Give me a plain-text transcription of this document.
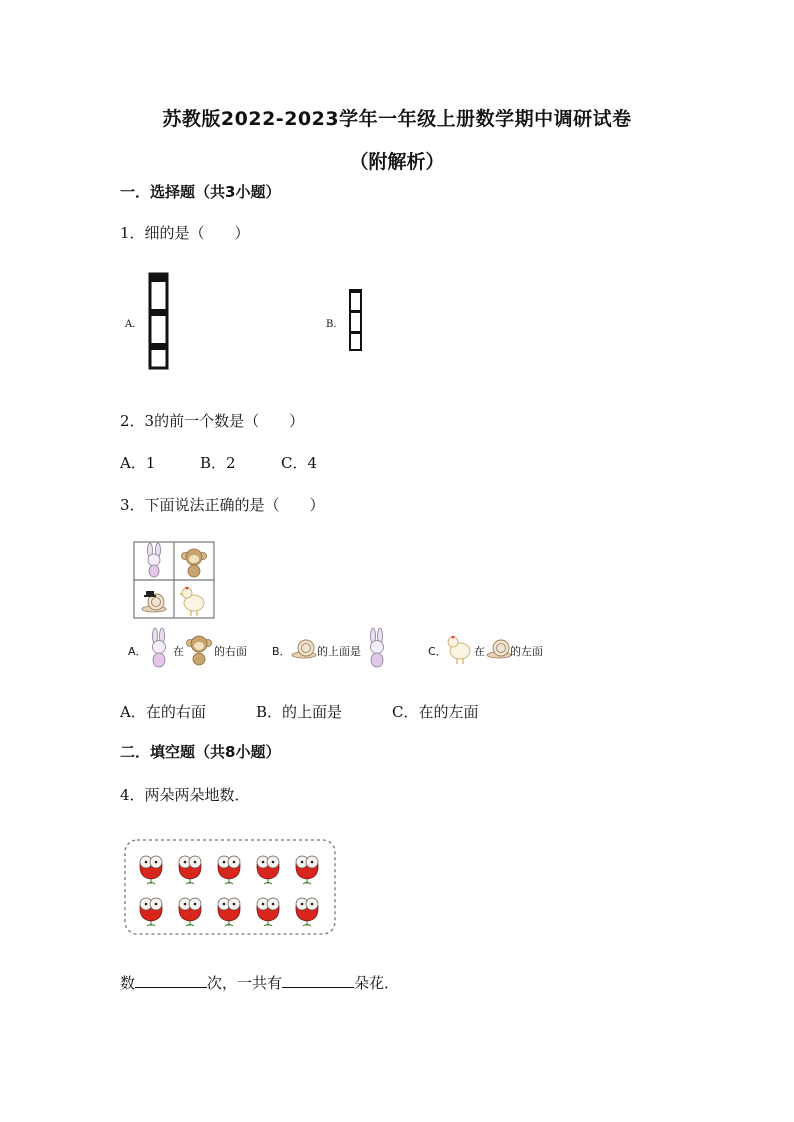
苏教版2022-2023学年一年级上册数学期中调研试卷
（附解析）
一．选择题（共3小题）
1．细的是（　　）
A．	B．
2．3的前一个数是（　　）
A．1	B．2	C．4
3．下面说法正确的是（　　）
A． 在	的右面 B． 的上面是	C． 在 的左面
A．在的右面	B．的上面是	C．在的左面
二．填空题（共8小题）
4．两朵两朵地数．
数	次，一共有	朵花．
